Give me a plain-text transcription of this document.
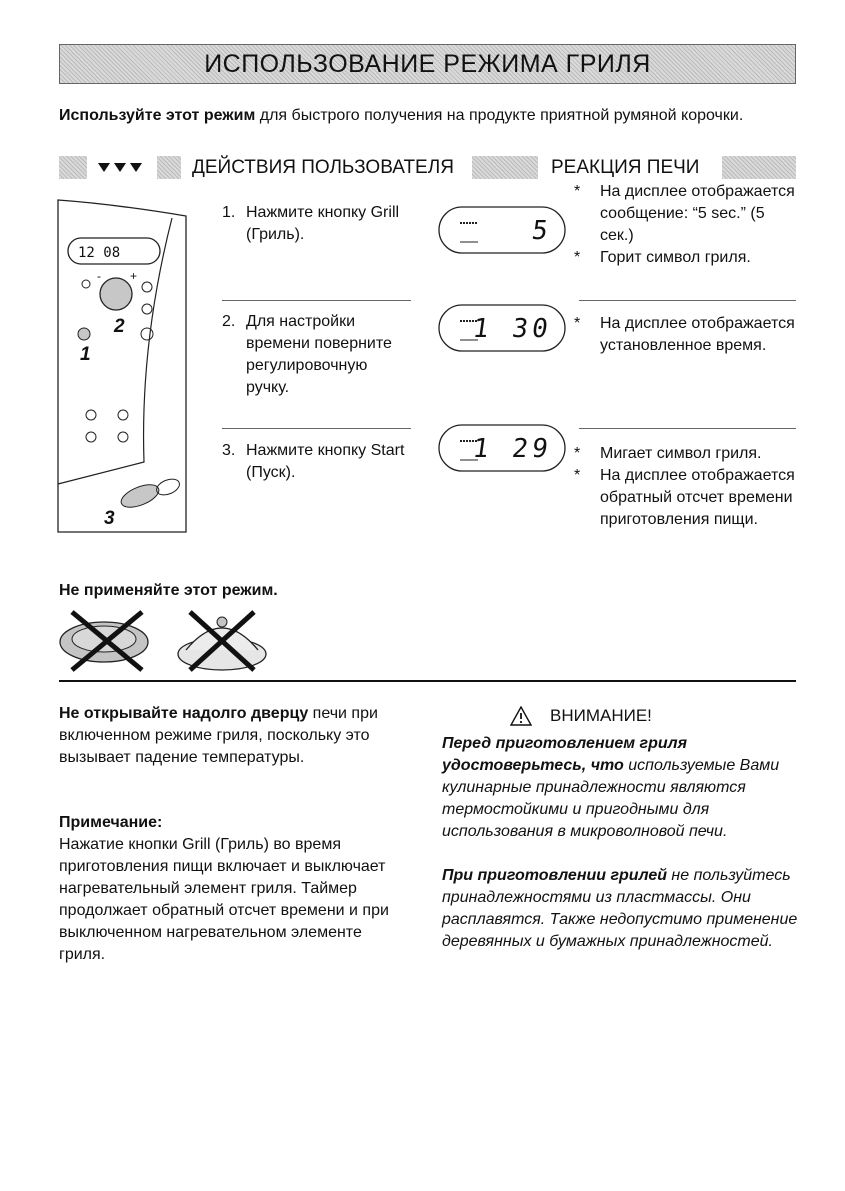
ИСПОЛЬЗОВАНИЕ РЕЖИМА ГРИЛЯ
Используйте этот режим для быстрого получения на продукте приятной румяной корочки.
ДЕЙСТВИЯ ПОЛЬЗОВАТЕЛЯ	РЕАКЦИЯ ПЕЧИ
12 08
- +
2
1
3
1. Нажмите кнопку Grill (Гриль).	5
* На дисплее отображается сообщение: “5 sec.” (5 сек.)
* Горит символ гриля.
2. Для настройки времени поверните регулировочную ручку.
1 30 * На дисплее отображается установленное время.
3. Нажмите кнопку Start (Пуск).
1 29 * Мигает символ гриля.
* На дисплее отображается обратный отсчет времени приготовления пищи.
Не применяйте этот режим.
Не открывайте надолго дверцу печи при включенном режиме гриля, поскольку это вызывает падение температуры.
Примечание:
Нажатие кнопки Grill (Гриль) во время приготовления пищи включает и выключает нагревательный элемент гриля. Таймер продолжает обратный отсчет времени и при выключенном нагревательном элементе гриля.
ВНИМАНИЕ!
Перед приготовлением гриля удостоверьтесь, что используемые Вами кулинарные принадлежности являются термостойкими и пригодными для использования в микроволновой печи.
При приготовлении грилей не пользуйтесь принадлежностями из пластмассы. Они расплавятся. Также недопустимо применение деревянных и бумажных принадлежностей.
